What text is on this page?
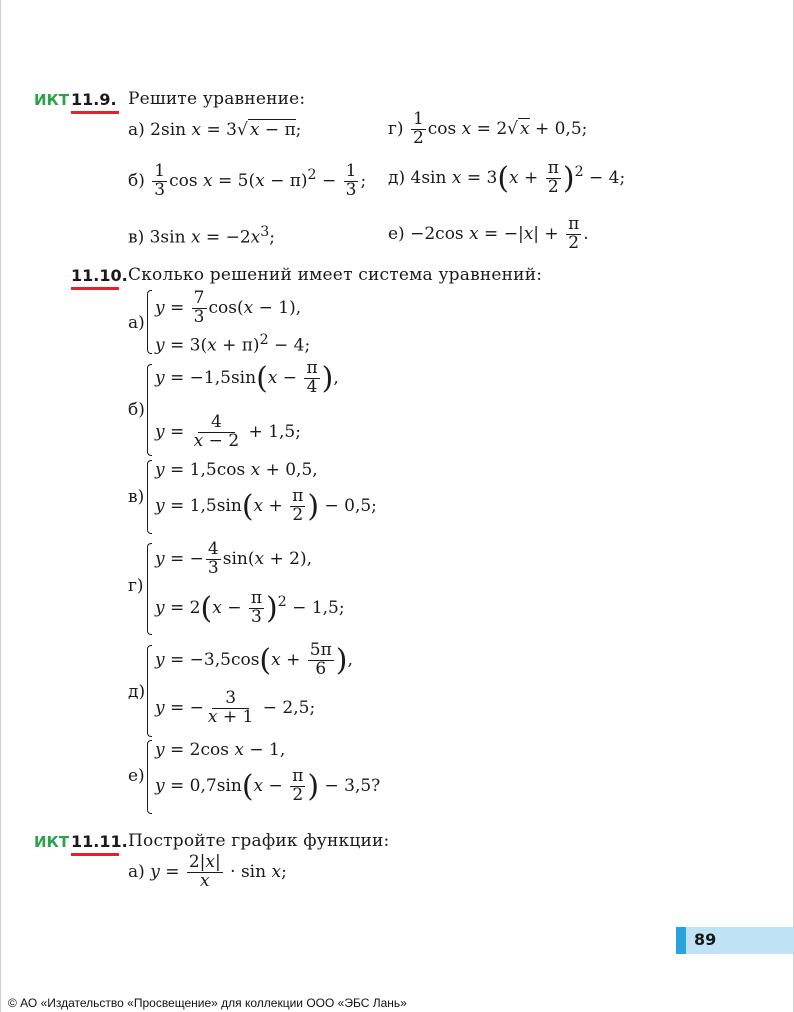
ИКТ 11.9. Решите уравнение:
а) 2sin x = 3√ x − π;	$г) \frac{1}{2}$ cos x = 2√ x + 0,5;
$б) \frac{1}{3}$ $\cos x = 5(x - \pi)^2 - \frac{1}{3}$ ; д) 4sin $x = 3(x + \frac{\pi}{2} )^2 - 4$;
в) 3sin $x = -2x^3$;	е) −2cos $x = -|x| + \frac{\pi}{2}$ .
11.10. Сколько решений имеет система уравнений:
а)
$y = \frac{7}{3} \cos(x - 1)$,
$y = 3(x + \pi)^2 - 4$;
б)
$y = -1,5\sin(x - \frac{\pi}{4}$ ),
$y = \frac{4}{x - 2} + 1,5$;
в)
y = 1,5cos x + 0,5,
$y = 1,5\sin(x + \frac{\pi}{2}$ ) − 0,5;
г)
y = − $\frac{4}{3} \sin(x + 2)$,
$y = 2(x - \frac{\pi}{3} )^2 - 1,5$;
д)
$y = -3,5\cos(x + \frac{5\pi}{6}$ ),
y = − $\frac{3}{x + 1} - 2,5$;
е)
y = 2cos x − 1,
$y = 0,7\sin(x - \frac{\pi}{2}$ ) − 3,5?
ИКТ 11.11. Постройте график функции:
а) $y = \frac{2|x|}{x} \cdot \sin x$;
89
© АО «Издательство «Просвещение» для коллекции ООО «ЭБС Лань»
